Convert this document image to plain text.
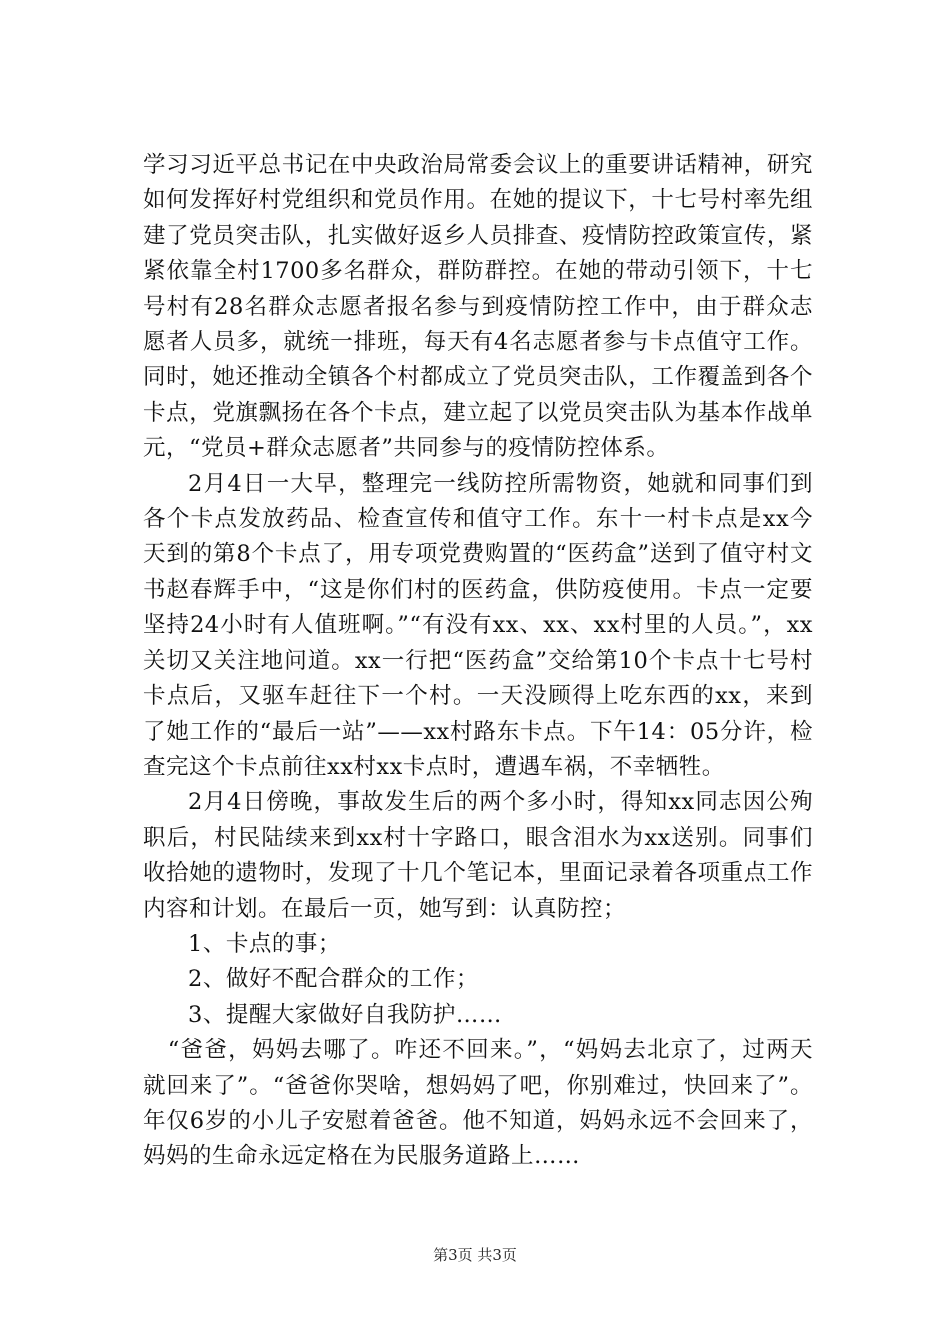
学习习近平总书记在中央政治局常委会议上的重要讲话精神，研究如何发挥好村党组织和党员作用。在她的提议下，十七号村率先组建了党员突击队，扎实做好返乡人员排查、疫情防控政策宣传，紧紧依靠全村1700多名群众，群防群控。在她的带动引领下，十七号村有28名群众志愿者报名参与到疫情防控工作中，由于群众志愿者人员多，就统一排班，每天有4名志愿者参与卡点值守工作。同时，她还推动全镇各个村都成立了党员突击队，工作覆盖到各个卡点，党旗飘扬在各个卡点，建立起了以党员突击队为基本作战单元，“党员+群众志愿者”共同参与的疫情防控体系。

2月4日一大早，整理完一线防控所需物资，她就和同事们到各个卡点发放药品、检查宣传和值守工作。东十一村卡点是xx今天到的第8个卡点了，用专项党费购置的“医药盒”送到了值守村文书赵春辉手中，“这是你们村的医药盒，供防疫使用。卡点一定要坚持24小时有人值班啊。”“有没有xx、xx、xx村里的人员。”，xx关切又关注地问道。xx一行把“医药盒”交给第10个卡点十七号村卡点后，又驱车赶往下一个村。一天没顾得上吃东西的xx，来到了她工作的“最后一站”——xx村路东卡点。下午14：05分许，检查完这个卡点前往xx村xx卡点时，遭遇车祸，不幸牺牲。

2月4日傍晚，事故发生后的两个多小时，得知xx同志因公殉职后，村民陆续来到xx村十字路口，眼含泪水为xx送别。同事们收拾她的遗物时，发现了十几个笔记本，里面记录着各项重点工作内容和计划。在最后一页，她写到：认真防控；

1、卡点的事；

2、做好不配合群众的工作；

3、提醒大家做好自我防护……

“爸爸，妈妈去哪了。咋还不回来。”，“妈妈去北京了，过两天就回来了”。“爸爸你哭啥，想妈妈了吧，你别难过，快回来了”。年仅6岁的小儿子安慰着爸爸。他不知道，妈妈永远不会回来了，妈妈的生命永远定格在为民服务道路上……

第3页 共3页
